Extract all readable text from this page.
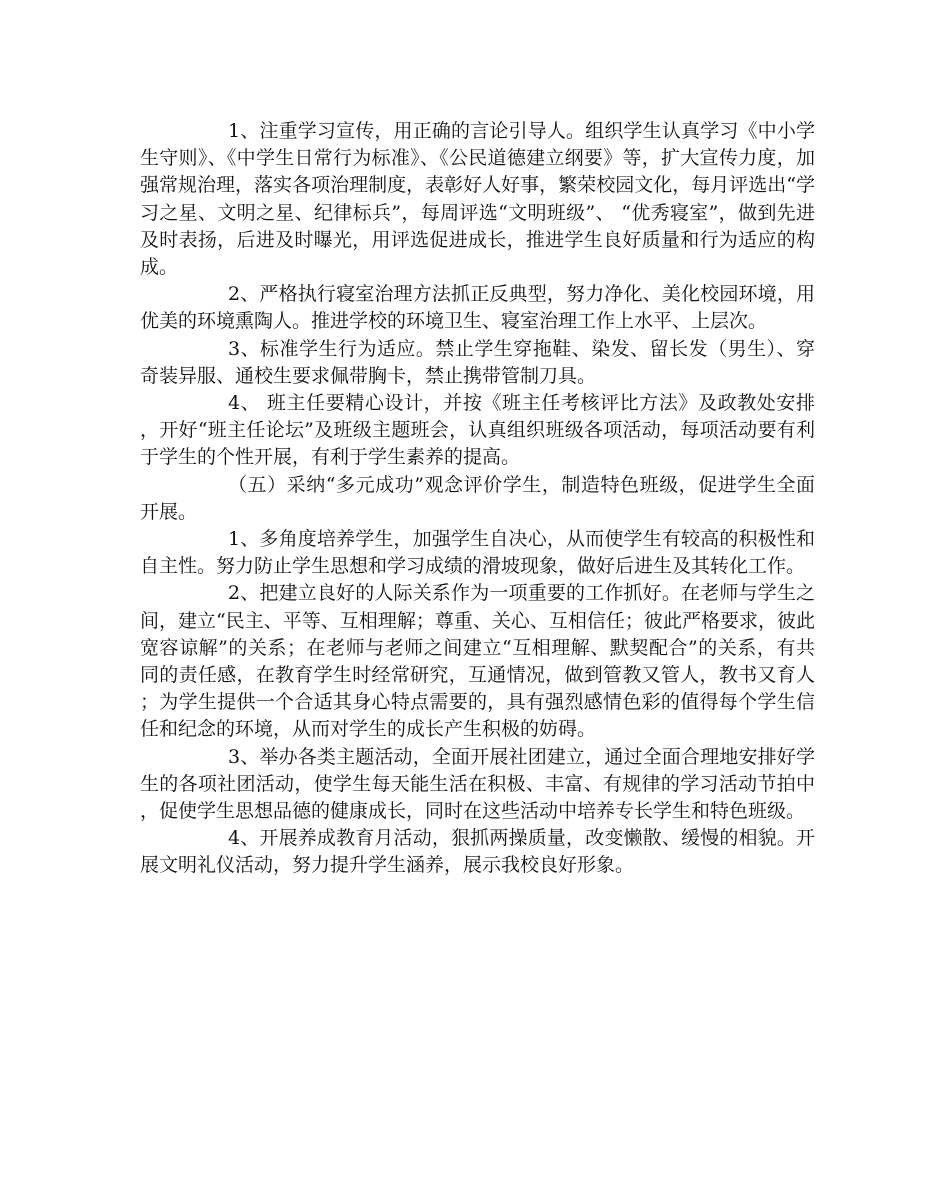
1、注重学习宣传，用正确的言论引导人。组织学生认真学习《中小学生守则》、《中学生日常行为标准》、《公民道德建立纲要》等，扩大宣传力度，加强常规治理，落实各项治理制度，表彰好人好事，繁荣校园文化，每月评选出“学习之星、文明之星、纪律标兵”，每周评选“文明班级”、 “优秀寝室”，做到先进及时表扬，后进及时曝光，用评选促进成长，推进学生良好质量和行为适应的构成。

2、严格执行寝室治理方法抓正反典型，努力净化、美化校园环境，用优美的环境熏陶人。推进学校的环境卫生、寝室治理工作上水平、上层次。

3、标准学生行为适应。禁止学生穿拖鞋、染发、留长发（男生）、穿奇装异服、通校生要求佩带胸卡，禁止携带管制刀具。

4、 班主任要精心设计，并按《班主任考核评比方法》及政教处安排，开好“班主任论坛”及班级主题班会，认真组织班级各项活动，每项活动要有利于学生的个性开展，有利于学生素养的提高。

（五）采纳“多元成功”观念评价学生，制造特色班级，促进学生全面开展。

1、多角度培养学生，加强学生自决心，从而使学生有较高的积极性和自主性。努力防止学生思想和学习成绩的滑坡现象，做好后进生及其转化工作。

2、把建立良好的人际关系作为一项重要的工作抓好。在老师与学生之间，建立“民主、平等、互相理解；尊重、关心、互相信任；彼此严格要求，彼此宽容谅解”的关系；在老师与老师之间建立“互相理解、默契配合”的关系，有共同的责任感，在教育学生时经常研究，互通情况，做到管教又管人，教书又育人；为学生提供一个合适其身心特点需要的，具有强烈感情色彩的值得每个学生信任和纪念的环境，从而对学生的成长产生积极的妨碍。

3、举办各类主题活动，全面开展社团建立，通过全面合理地安排好学生的各项社团活动，使学生每天能生活在积极、丰富、有规律的学习活动节拍中，促使学生思想品德的健康成长，同时在这些活动中培养专长学生和特色班级。

4、开展养成教育月活动，狠抓两操质量，改变懒散、缓慢的相貌。开展文明礼仪活动，努力提升学生涵养，展示我校良好形象。
